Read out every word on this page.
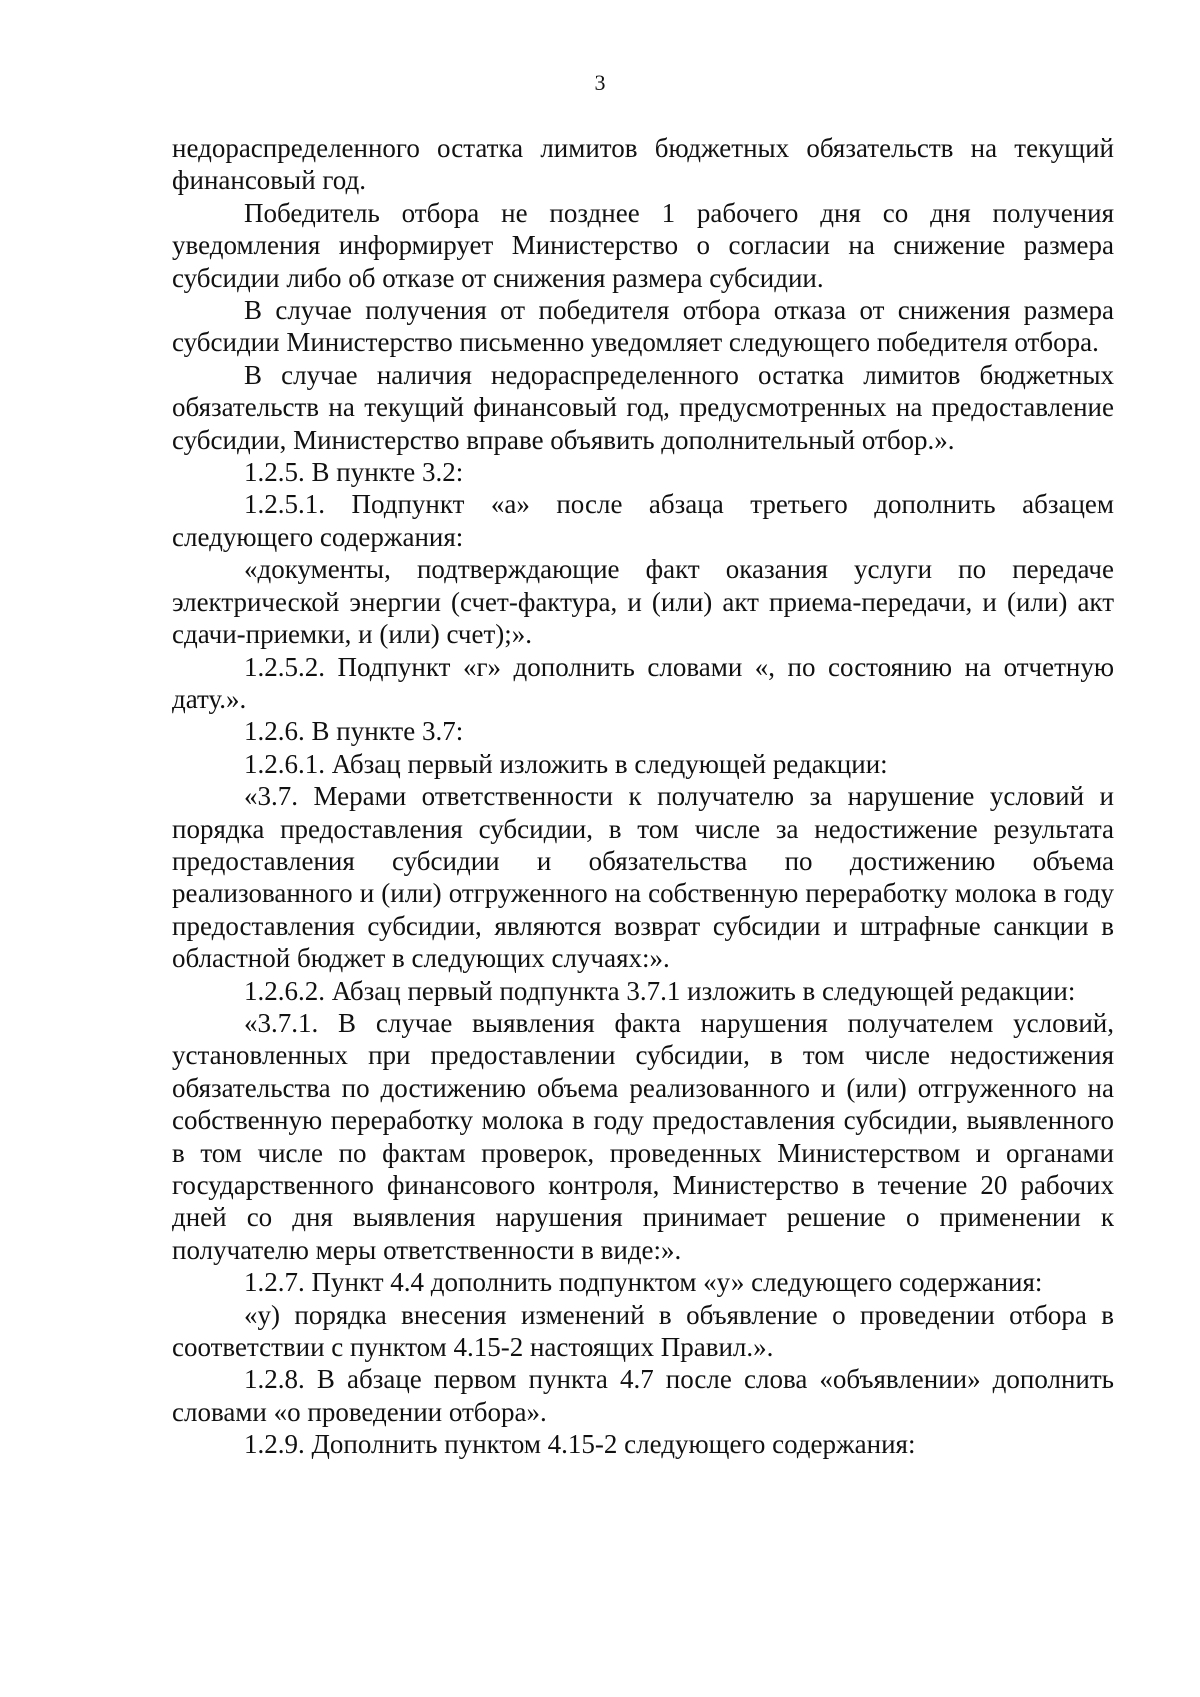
3

недораспределенного остатка лимитов бюджетных обязательств на текущий финансовый год.

Победитель отбора не позднее 1 рабочего дня со дня получения уведомления информирует Министерство о согласии на снижение размера субсидии либо об отказе от снижения размера субсидии.

В случае получения от победителя отбора отказа от снижения размера субсидии Министерство письменно уведомляет следующего победителя отбора.

В случае наличия недораспределенного остатка лимитов бюджетных обязательств на текущий финансовый год, предусмотренных на предоставление субсидии, Министерство вправе объявить дополнительный отбор.».

1.2.5. В пункте 3.2:

1.2.5.1. Подпункт «а» после абзаца третьего дополнить абзацем следующего содержания:

«документы, подтверждающие факт оказания услуги по передаче электрической энергии (счет-фактура, и (или) акт приема-передачи, и (или) акт сдачи-приемки, и (или) счет);».

1.2.5.2. Подпункт «г» дополнить словами «, по состоянию на отчетную дату.».

1.2.6. В пункте 3.7:

1.2.6.1. Абзац первый изложить в следующей редакции:

«3.7. Мерами ответственности к получателю за нарушение условий и порядка предоставления субсидии, в том числе за недостижение результата предоставления субсидии и обязательства по достижению объема реализованного и (или) отгруженного на собственную переработку молока в году предоставления субсидии, являются возврат субсидии и штрафные санкции в областной бюджет в следующих случаях:».

1.2.6.2. Абзац первый подпункта 3.7.1 изложить в следующей редакции:

«3.7.1. В случае выявления факта нарушения получателем условий, установленных при предоставлении субсидии, в том числе недостижения обязательства по достижению объема реализованного и (или) отгруженного на собственную переработку молока в году предоставления субсидии, выявленного в том числе по фактам проверок, проведенных Министерством и органами государственного финансового контроля, Министерство в течение 20 рабочих дней со дня выявления нарушения принимает решение о применении к получателю меры ответственности в виде:».

1.2.7. Пункт 4.4 дополнить подпунктом «у» следующего содержания:

«у) порядка внесения изменений в объявление о проведении отбора в соответствии с пунктом 4.15-2 настоящих Правил.».

1.2.8. В абзаце первом пункта 4.7 после слова «объявлении» дополнить словами «о проведении отбора».

1.2.9. Дополнить пунктом 4.15-2 следующего содержания:
